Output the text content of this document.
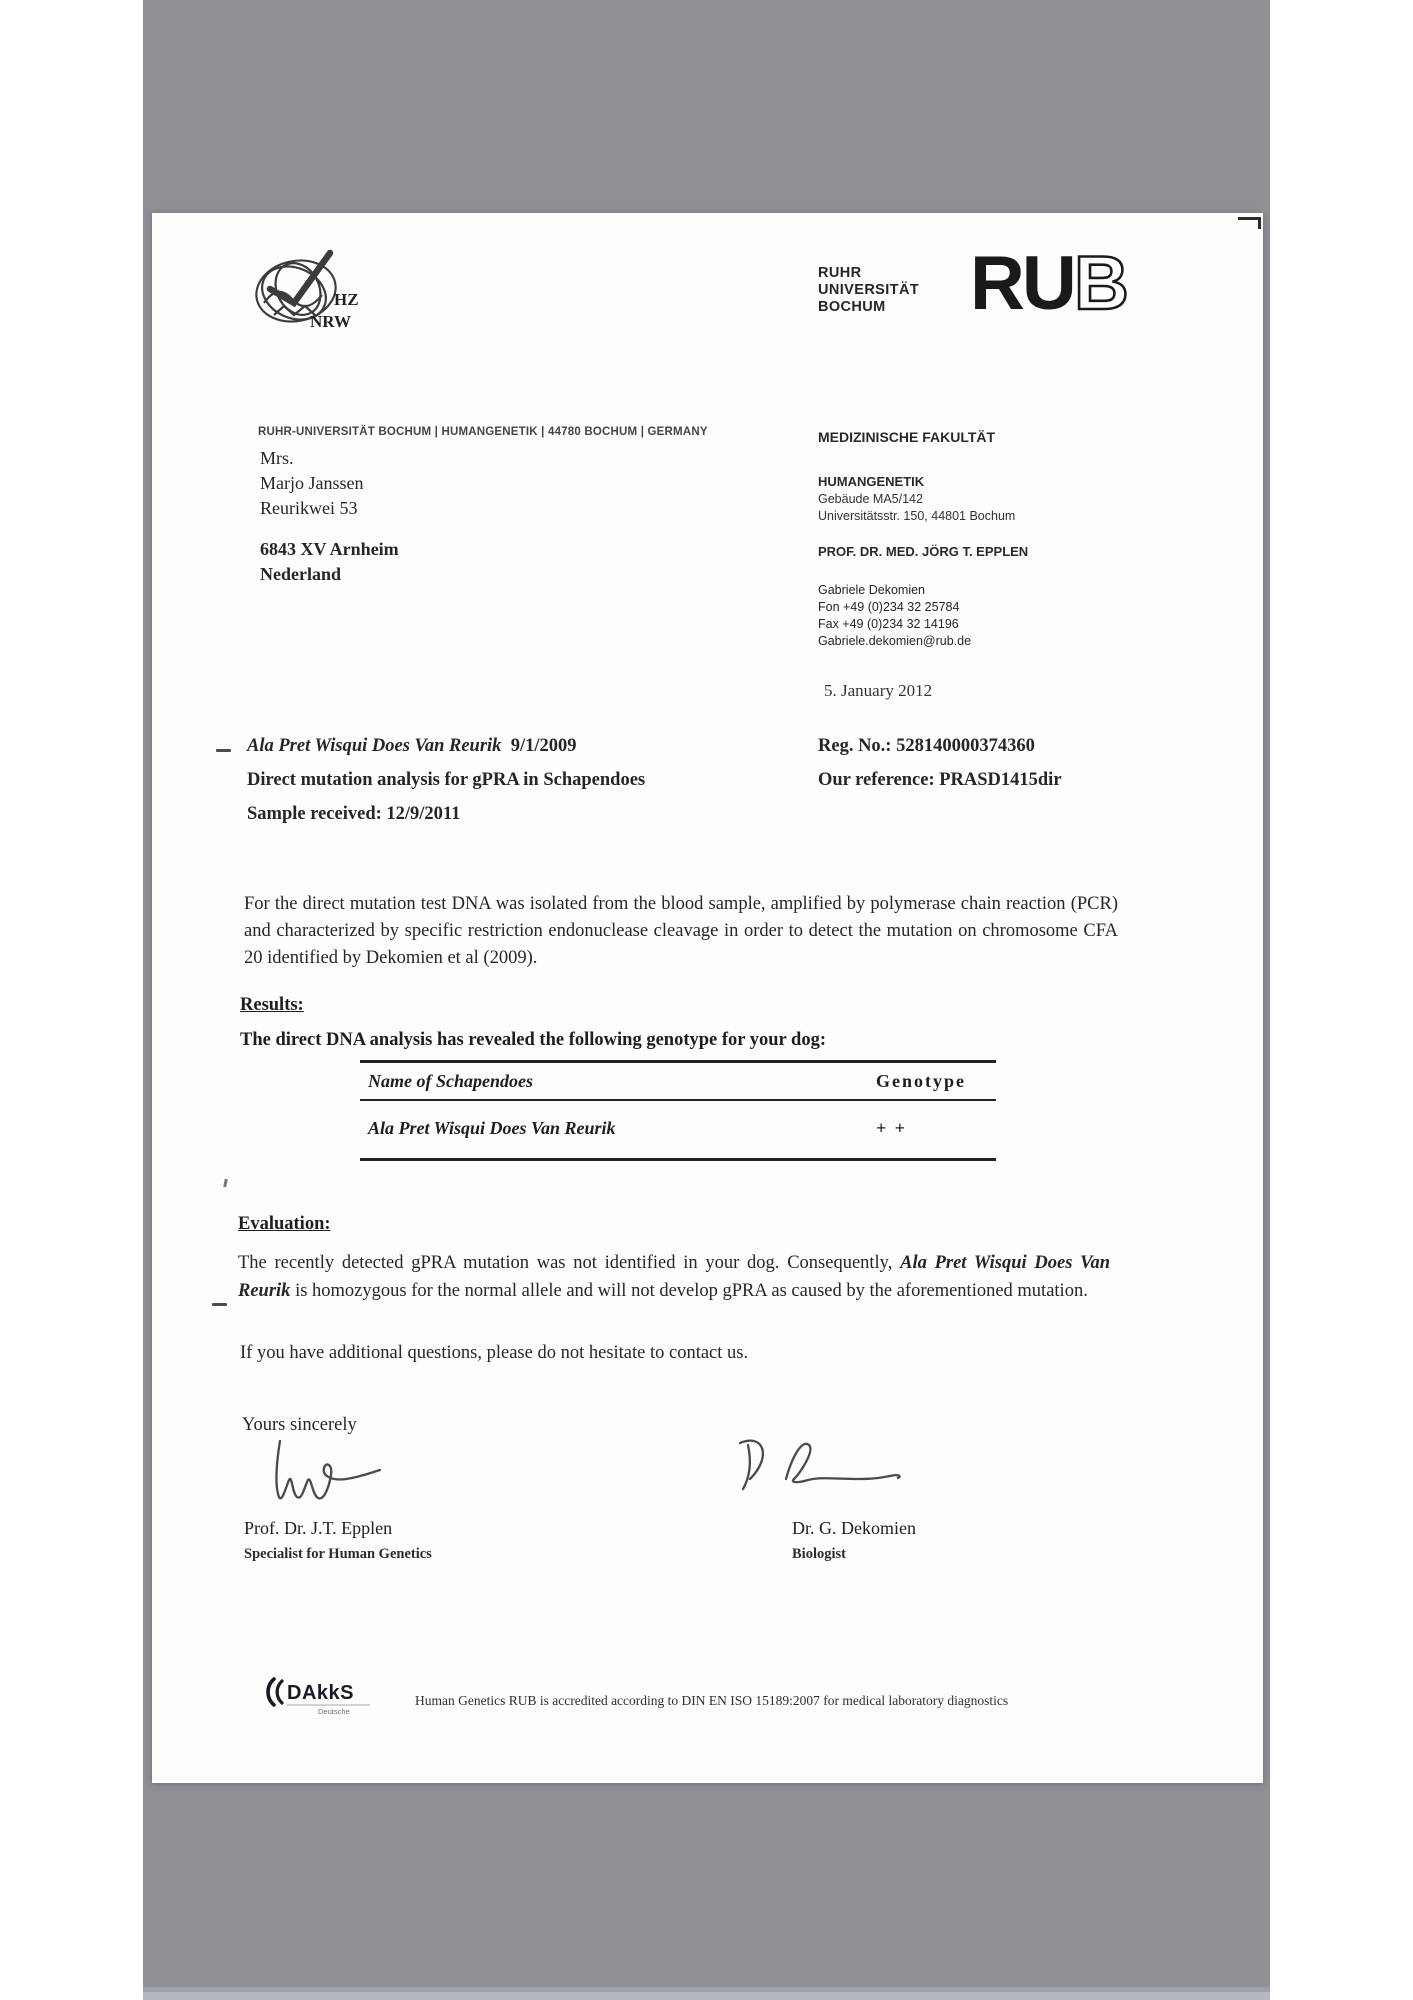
HZ
NRW
RUHR
UNIVERSITÄT
BOCHUM	RU B
RUHR-UNIVERSITÄT BOCHUM | HUMANGENETIK | 44780 BOCHUM | GERMANY
Mrs.
Marjo Janssen
Reurikwei 53
6843 XV Arnheim
Nederland
MEDIZINISCHE FAKULTÄT
HUMANGENETIK
Gebäude MA5/142
Universitätsstr. 150, 44801 Bochum
PROF. DR. MED. JÖRG T. EPPLEN
Gabriele Dekomien
Fon +49 (0)234 32 25784
Fax +49 (0)234 32 14196
Gabriele.dekomien@rub.de
5. January 2012
Ala Pret Wisqui Does Van Reurik 9/1/2009
Direct mutation analysis for gPRA in Schapendoes
Sample received: 12/9/2011
Reg. No.: 528140000374360
Our reference: PRASD1415dir
For the direct mutation test DNA was isolated from the blood sample, amplified by polymerase chain reaction (PCR) and characterized by specific restriction endonuclease cleavage in order to detect the mutation on chromosome CFA 20 identified by Dekomien et al (2009).
Results:
The direct DNA analysis has revealed the following genotype for your dog:
Name of Schapendoes	Genotype
Ala Pret Wisqui Does Van Reurik	+ +
Evaluation:
The recently detected gPRA mutation was not identified in your dog. Consequently, Ala Pret Wisqui Does Van Reurik is homozygous for the normal allele and will not develop gPRA as caused by the aforementioned mutation.
If you have additional questions, please do not hesitate to contact us.
Yours sincerely
Prof. Dr. J.T. Epplen
Specialist for Human Genetics
Dr. G. Dekomien
Biologist
DAkkS
Deutsche
Human Genetics RUB is accredited according to DIN EN ISO 15189:2007 for medical laboratory diagnostics
